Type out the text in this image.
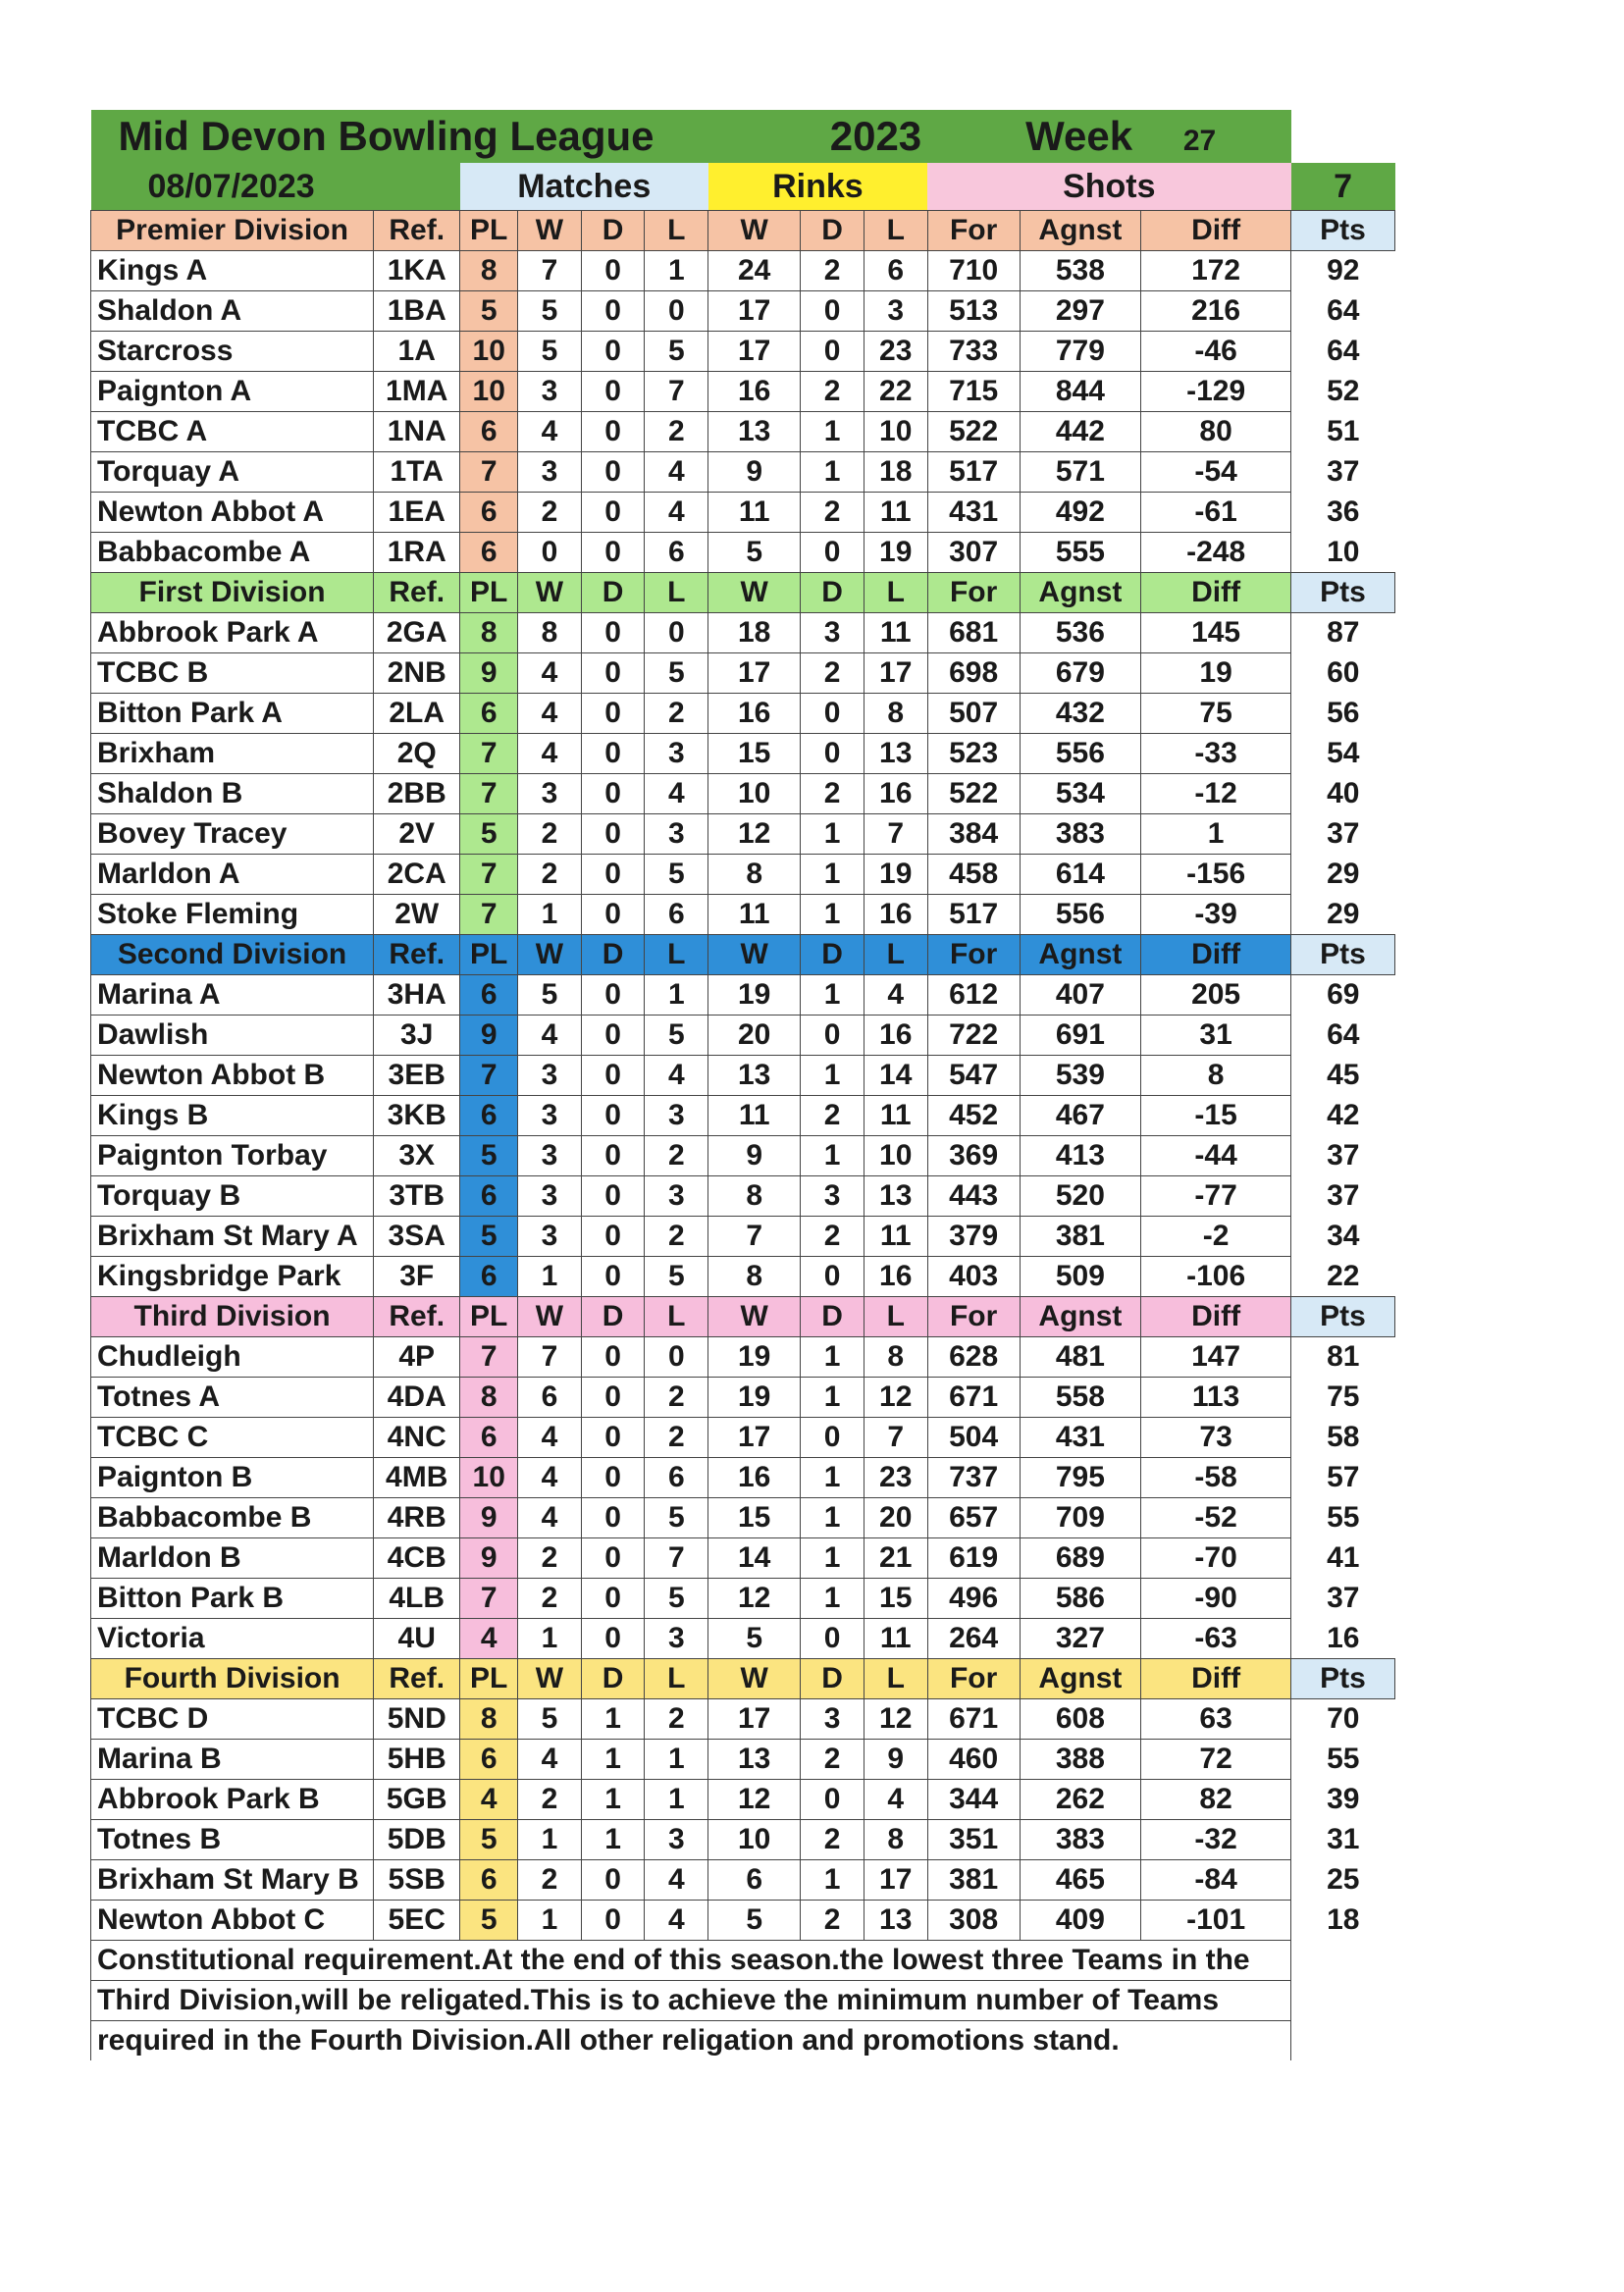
Mid Devon Bowling League							2023			Week 27		
08/07/2023		Matches				Rinks			Shots			7
Premier Division	Ref.	PL	W	D	L	W	D	L	For	Agnst	Diff	Pts
Kings A	1KA	8	7	0	1	24	2	6	710	538	172	92
Shaldon A	1BA	5	5	0	0	17	0	3	513	297	216	64
Starcross	1A	10	5	0	5	17	0	23	733	779	-46	64
Paignton A	1MA	10	3	0	7	16	2	22	715	844	-129	52
TCBC A	1NA	6	4	0	2	13	1	10	522	442	80	51
Torquay A	1TA	7	3	0	4	9	1	18	517	571	-54	37
Newton Abbot A	1EA	6	2	0	4	11	2	11	431	492	-61	36
Babbacombe A	1RA	6	0	0	6	5	0	19	307	555	-248	10
First Division	Ref.	PL	W	D	L	W	D	L	For	Agnst	Diff	Pts
Abbrook Park A	2GA	8	8	0	0	18	3	11	681	536	145	87
TCBC B	2NB	9	4	0	5	17	2	17	698	679	19	60
Bitton Park A	2LA	6	4	0	2	16	0	8	507	432	75	56
Brixham	2Q	7	4	0	3	15	0	13	523	556	-33	54
Shaldon B	2BB	7	3	0	4	10	2	16	522	534	-12	40
Bovey Tracey	2V	5	2	0	3	12	1	7	384	383	1	37
Marldon A	2CA	7	2	0	5	8	1	19	458	614	-156	29
Stoke Fleming	2W	7	1	0	6	11	1	16	517	556	-39	29
Second Division	Ref.	PL	W	D	L	W	D	L	For	Agnst	Diff	Pts
Marina A	3HA	6	5	0	1	19	1	4	612	407	205	69
Dawlish	3J	9	4	0	5	20	0	16	722	691	31	64
Newton Abbot B	3EB	7	3	0	4	13	1	14	547	539	8	45
Kings B	3KB	6	3	0	3	11	2	11	452	467	-15	42
Paignton Torbay	3X	5	3	0	2	9	1	10	369	413	-44	37
Torquay B	3TB	6	3	0	3	8	3	13	443	520	-77	37
Brixham St Mary A	3SA	5	3	0	2	7	2	11	379	381	-2	34
Kingsbridge Park	3F	6	1	0	5	8	0	16	403	509	-106	22
Third Division	Ref.	PL	W	D	L	W	D	L	For	Agnst	Diff	Pts
Chudleigh	4P	7	7	0	0	19	1	8	628	481	147	81
Totnes A	4DA	8	6	0	2	19	1	12	671	558	113	75
TCBC C	4NC	6	4	0	2	17	0	7	504	431	73	58
Paignton B	4MB	10	4	0	6	16	1	23	737	795	-58	57
Babbacombe B	4RB	9	4	0	5	15	1	20	657	709	-52	55
Marldon B	4CB	9	2	0	7	14	1	21	619	689	-70	41
Bitton Park B	4LB	7	2	0	5	12	1	15	496	586	-90	37
Victoria	4U	4	1	0	3	5	0	11	264	327	-63	16
Fourth Division	Ref.	PL	W	D	L	W	D	L	For	Agnst	Diff	Pts
TCBC D	5ND	8	5	1	2	17	3	12	671	608	63	70
Marina B	5HB	6	4	1	1	13	2	9	460	388	72	55
Abbrook Park B	5GB	4	2	1	1	12	0	4	344	262	82	39
Totnes B	5DB	5	1	1	3	10	2	8	351	383	-32	31
Brixham St Mary B	5SB	6	2	0	4	6	1	17	381	465	-84	25
Newton Abbot C	5EC	5	1	0	4	5	2	13	308	409	-101	18
Constitutional requirement.At the end of this season.the lowest three Teams in the												
Third Division,will be religated.This is to achieve the minimum number of Teams												
required in the Fourth Division.All other religation and promotions stand.												
